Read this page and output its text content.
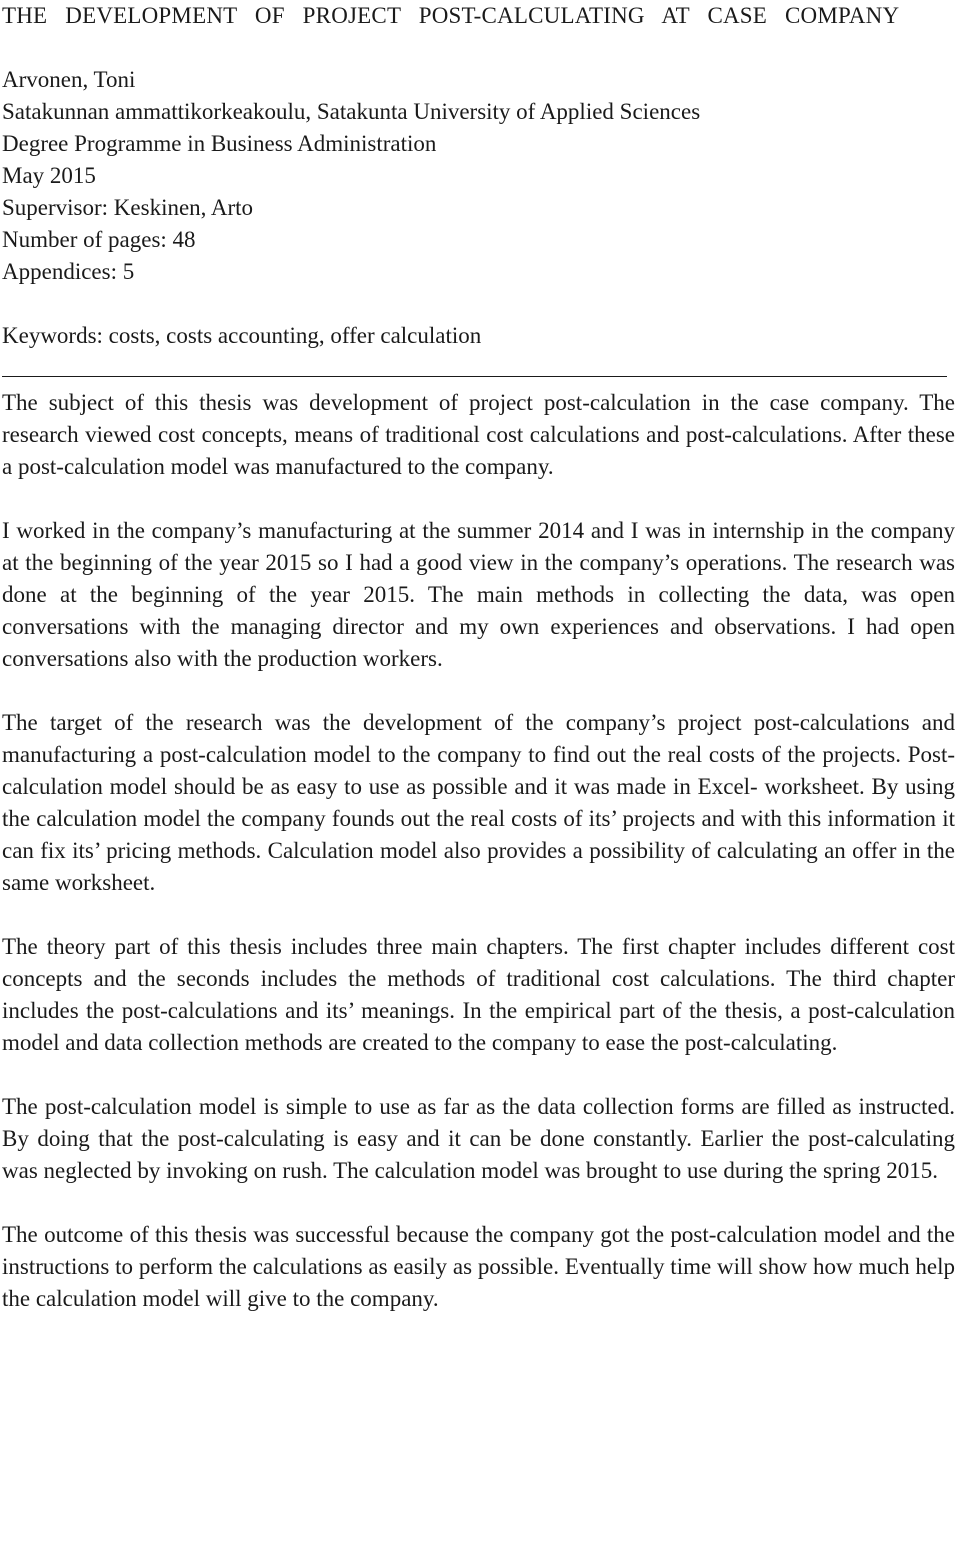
THE DEVELOPMENT OF PROJECT POST-CALCULATING AT CASE COMPANY

Arvonen, Toni

Satakunnan ammattikorkeakoulu, Satakunta University of Applied Sciences

Degree Programme in Business Administration

May 2015

Supervisor: Keskinen, Arto

Number of pages: 48

Appendices: 5

Keywords: costs, costs accounting, offer calculation

The subject of this thesis was development of project post-calculation in the case company. The research viewed cost concepts, means of traditional cost calculations and post-calculations. After these a post-calculation model was manufactured to the company.

I worked in the company’s manufacturing at the summer 2014 and I was in internship in the company at the beginning of the year 2015 so I had a good view in the company’s operations. The research was done at the beginning of the year 2015. The main methods in collecting the data, was open conversations with the managing director and my own experiences and observations. I had open conversations also with the production workers.

The target of the research was the development of the company’s project post-calculations and manufacturing a post-calculation model to the company to find out the real costs of the projects. Post-calculation model should be as easy to use as possible and it was made in Excel- worksheet. By using the calculation model the company founds out the real costs of its’ projects and with this information it can fix its’ pricing methods. Calculation model also provides a possibility of calculating an offer in the same worksheet.

The theory part of this thesis includes three main chapters. The first chapter includes different cost concepts and the seconds includes the methods of traditional cost calculations. The third chapter includes the post-calculations and its’ meanings. In the empirical part of the thesis, a post-calculation model and data collection methods are created to the company to ease the post-calculating.

The post-calculation model is simple to use as far as the data collection forms are filled as instructed. By doing that the post-calculating is easy and it can be done constantly. Earlier the post-calculating was neglected by invoking on rush. The calculation model was brought to use during the spring 2015.

The outcome of this thesis was successful because the company got the post-calculation model and the instructions to perform the calculations as easily as possible. Eventually time will show how much help the calculation model will give to the company.
